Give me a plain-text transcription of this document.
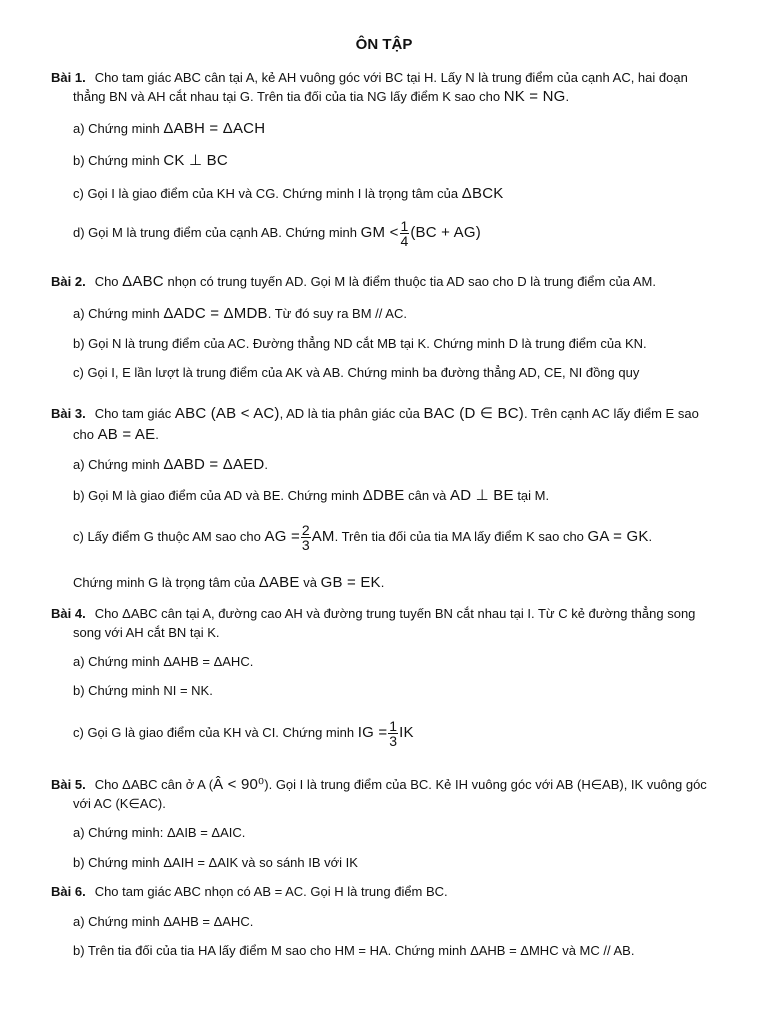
ÔN TẬP
Bài 1. Cho tam giác ABC cân tại A, kẻ AH vuông góc với BC tại H. Lấy N là trung điểm của cạnh AC, hai đoạn
thẳng BN và AH cắt nhau tại G. Trên tia đối của tia NG lấy điểm K sao cho NK = NG.
a) Chứng minh ΔABH = ΔACH
b) Chứng minh CK ⊥ BC
c) Gọi I là giao điểm của KH và CG. Chứng minh I là trọng tâm của ΔBCK
d) Gọi M là trung điểm của cạnh AB. Chứng minh GM < $\frac{1}{4} (BC + AG)$
Bài 2. Cho ΔABC nhọn có trung tuyến AD. Gọi M là điểm thuộc tia AD sao cho D là trung điểm của AM.
a) Chứng minh ΔADC = ΔMDB. Từ đó suy ra BM // AC.
b) Gọi N là trung điểm của AC. Đường thẳng ND cắt MB tại K. Chứng minh D là trung điểm của KN.
c) Gọi I, E lần lượt là trung điểm của AK và AB. Chứng minh ba đường thẳng AD, CE, NI đồng quy
Bài 3. Cho tam giác ABC (AB < AC), AD là tia phân giác của BAC (D ∈ BC). Trên cạnh AC lấy điểm E sao
cho AB = AE.
a) Chứng minh ΔABD = ΔAED.
b) Gọi M là giao điểm của AD và BE. Chứng minh ΔDBE cân và AD ⊥ BE tại M.
c) Lấy điểm G thuộc AM sao cho AG = $\frac{2}{3}$ AM. Trên tia đối của tia MA lấy điểm K sao cho GA = GK.
Chứng minh G là trọng tâm của ΔABE và GB = EK.
Bài 4. Cho ΔABC cân tại A, đường cao AH và đường trung tuyến BN cắt nhau tại I. Từ C kẻ đường thẳng song
song với AH cắt BN tại K.
a) Chứng minh ΔAHB = ΔAHC.
b) Chứng minh NI = NK.
c) Gọi G là giao điểm của KH và CI. Chứng minh IG = $\frac{1}{3}$ IK
Bài 5. Cho ΔABC cân ở A (Â < 90⁰). Gọi I là trung điểm của BC. Kẻ IH vuông góc với AB (H∈AB), IK vuông góc
với AC (K∈AC).
a) Chứng minh: ΔAIB = ΔAIC.
b) Chứng minh ΔAIH = ΔAIK và so sánh IB với IK
Bài 6. Cho tam giác ABC nhọn có AB = AC. Gọi H là trung điểm BC.
a) Chứng minh ΔAHB = ΔAHC.
b) Trên tia đối của tia HA lấy điểm M sao cho HM = HA. Chứng minh ΔAHB = ΔMHC và MC // AB.
